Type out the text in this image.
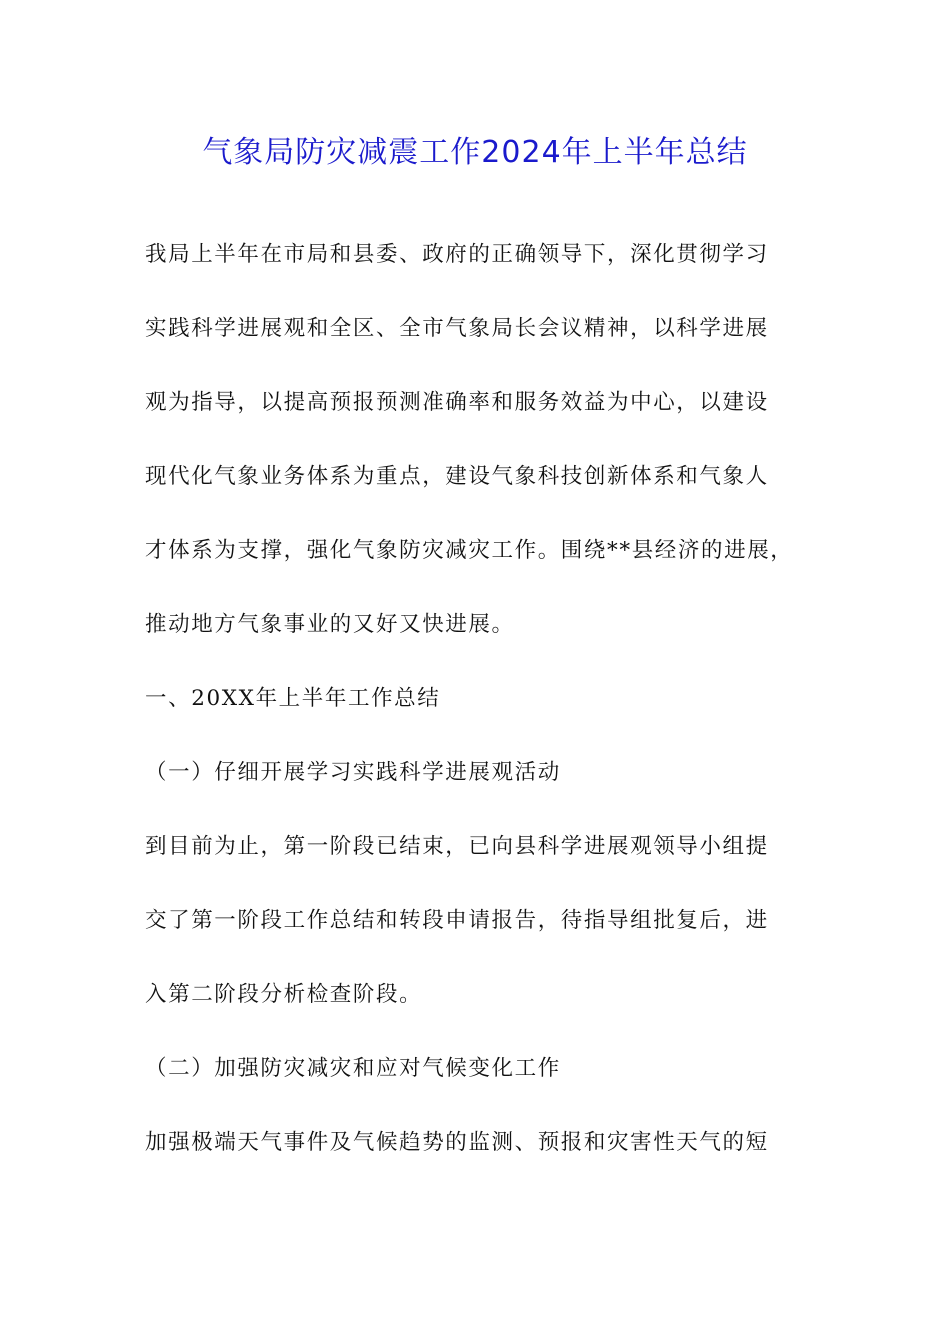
气象局防灾减震工作2024年上半年总结
我局上半年在市局和县委、政府的正确领导下，深化贯彻学习
实践科学进展观和全区、全市气象局长会议精神，以科学进展
观为指导，以提高预报预测准确率和服务效益为中心，以建设
现代化气象业务体系为重点，建设气象科技创新体系和气象人
才体系为支撑，强化气象防灾减灾工作。围绕**县经济的进展，
推动地方气象事业的又好又快进展。
一、20XX年上半年工作总结
（一）仔细开展学习实践科学进展观活动
到目前为止，第一阶段已结束，已向县科学进展观领导小组提
交了第一阶段工作总结和转段申请报告，待指导组批复后，进
入第二阶段分析检查阶段。
（二）加强防灾减灾和应对气候变化工作
加强极端天气事件及气候趋势的监测、预报和灾害性天气的短
